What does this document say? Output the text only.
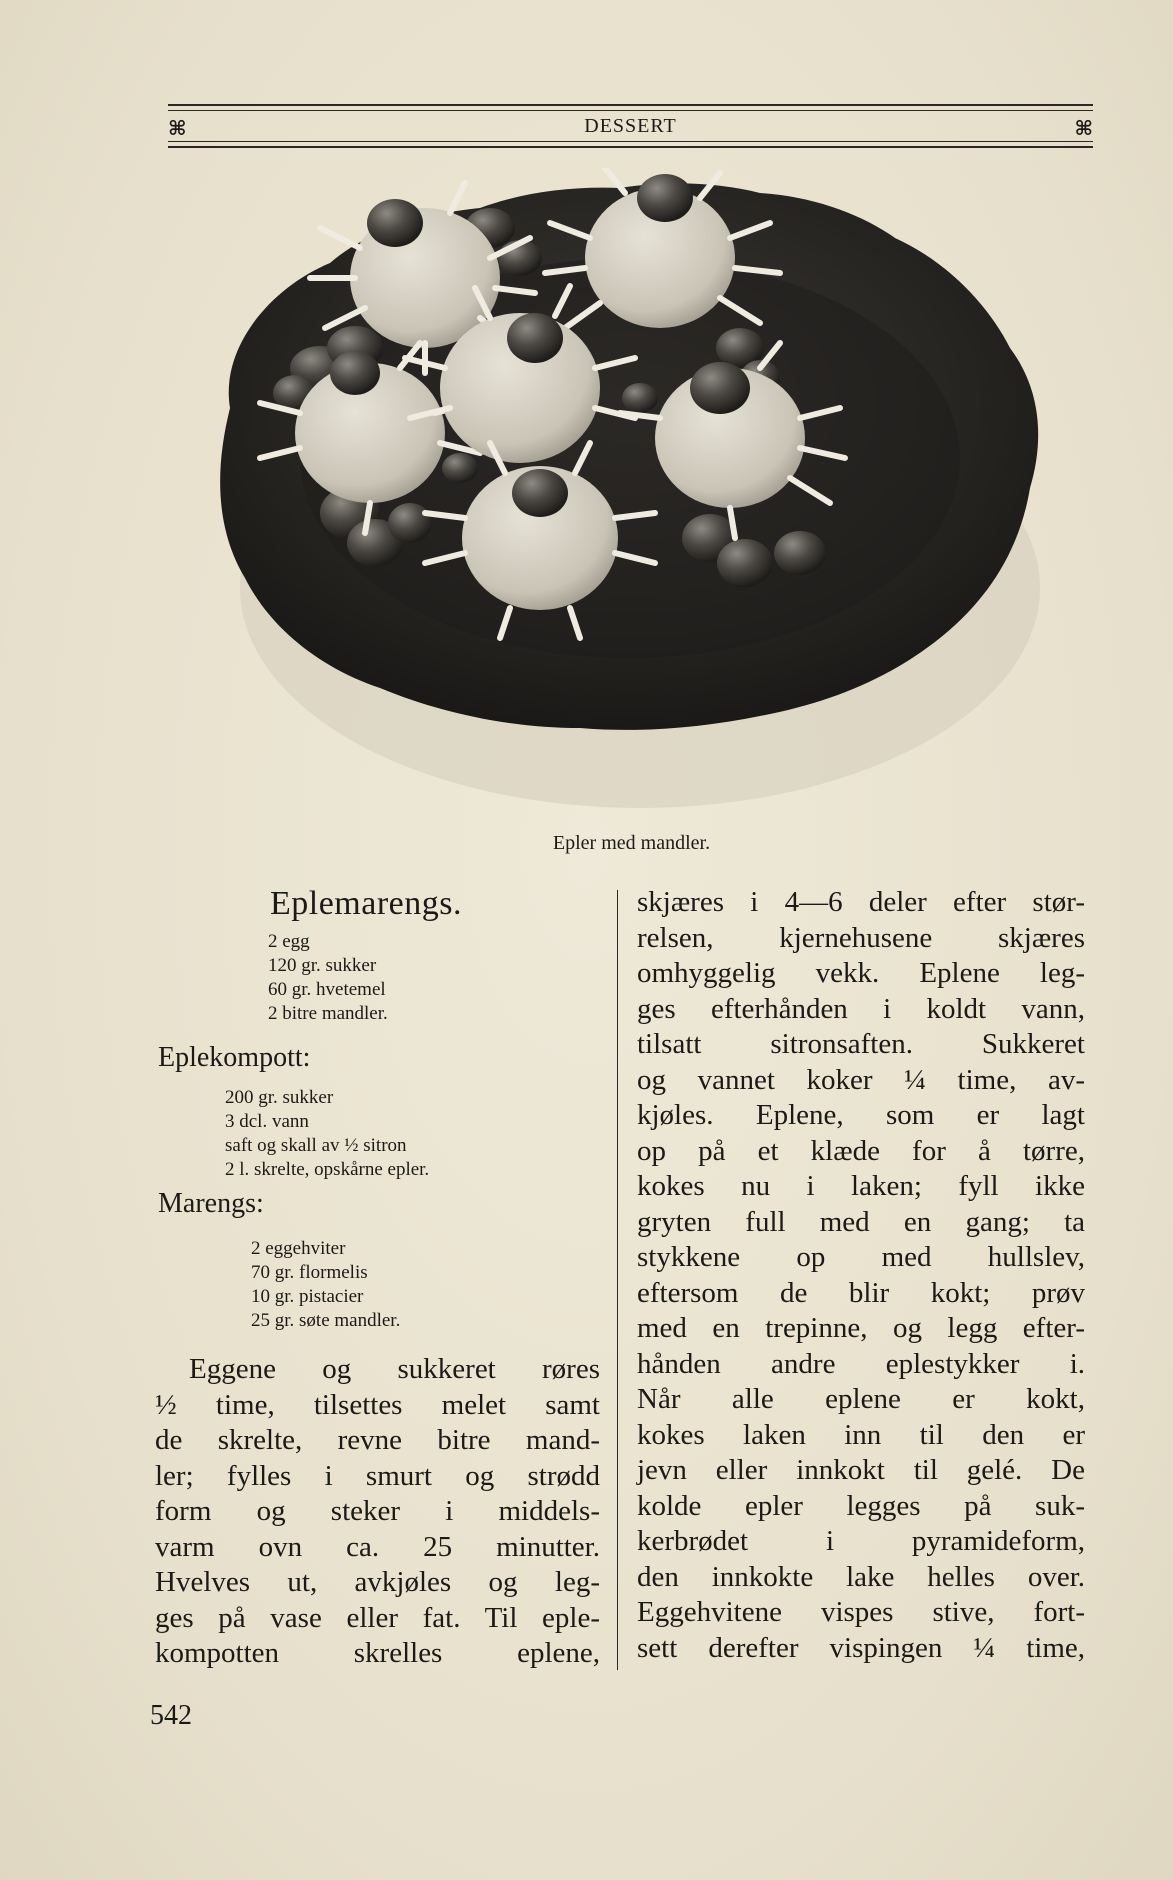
⌘	DESSERT	⌘
Epler med mandler.
Eplemarengs.
2 egg
120 gr. sukker
60 gr. hvetemel
2 bitre mandler.
Eplekompott:
200 gr. sukker
3 dcl. vann
saft og skall av ½ sitron
2 l. skrelte, opskårne epler.
Marengs:
2 eggehviter
70 gr. flormelis
10 gr. pistacier
25 gr. søte mandler.
Eggene og sukkeret røres
½ time, tilsettes melet samt
de skrelte, revne bitre mand-
ler; fylles i smurt og strødd
form og steker i middels-
varm ovn ca. 25 minutter.
Hvelves ut, avkjøles og leg-
ges på vase eller fat. Til eple-
kompotten skrelles eplene,
skjæres i 4—6 deler efter stør-
relsen, kjernehusene skjæres
omhyggelig vekk. Eplene leg-
ges efterhånden i koldt vann,
tilsatt sitronsaften. Sukkeret
og vannet koker ¼ time, av-
kjøles. Eplene, som er lagt
op på et klæde for å tørre,
kokes nu i laken; fyll ikke
gryten full med en gang; ta
stykkene op med hullslev,
eftersom de blir kokt; prøv
med en trepinne, og legg efter-
hånden andre eplestykker i.
Når alle eplene er kokt,
kokes laken inn til den er
jevn eller innkokt til gelé. De
kolde epler legges på suk-
kerbrødet i pyramideform,
den innkokte lake helles over.
Eggehvitene vispes stive, fort-
sett derefter vispingen ¼ time,
542
